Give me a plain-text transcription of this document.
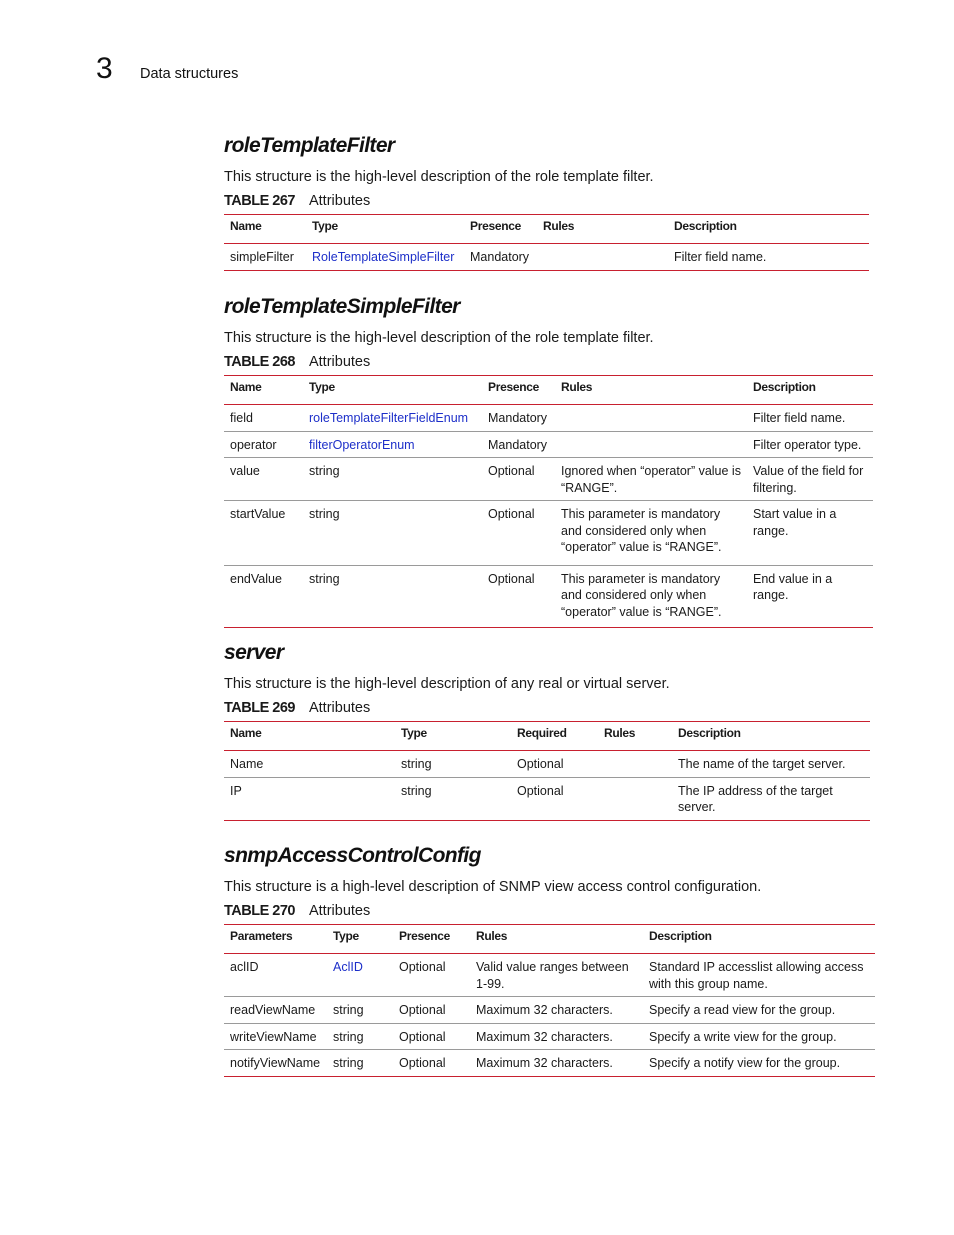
3 Data structures
roleTemplateFilter

This structure is the high-level description of the role template filter.

TABLE 267 Attributes
Name	Type	Presence	Rules	Description
simpleFilter	RoleTemplateSimpleFilter	Mandatory		Filter field name.
roleTemplateSimpleFilter

This structure is the high-level description of the role template filter.

TABLE 268 Attributes
Name	Type	Presence	Rules	Description
field	roleTemplateFilterFieldEnum	Mandatory		Filter field name.
operator	filterOperatorEnum	Mandatory		Filter operator type.
value	string	Optional	Ignored when “operator” value is “RANGE”.	Value of the field for filtering.
startValue	string	Optional	This parameter is mandatory and considered only when “operator” value is “RANGE”.	Start value in a range.
endValue	string	Optional	This parameter is mandatory and considered only when “operator” value is “RANGE”.	End value in a range.
server

This structure is the high-level description of any real or virtual server.

TABLE 269 Attributes
Name	Type	Required	Rules	Description
Name	string	Optional		The name of the target server.
IP	string	Optional		The IP address of the target server.
snmpAccessControlConfig

This structure is a high-level description of SNMP view access control configuration.

TABLE 270 Attributes
Parameters	Type	Presence	Rules	Description
aclID	AclID	Optional	Valid value ranges between 1-99.	Standard IP accesslist allowing access with this group name.
readViewName	string	Optional	Maximum 32 characters.	Specify a read view for the group.
writeViewName	string	Optional	Maximum 32 characters.	Specify a write view for the group.
notifyViewName	string	Optional	Maximum 32 characters.	Specify a notify view for the group.
